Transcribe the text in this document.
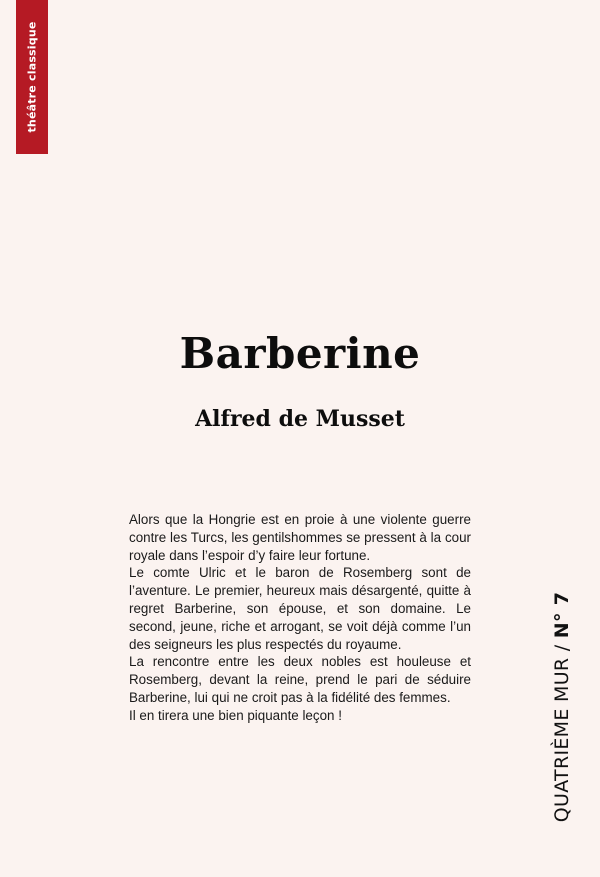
théâtre classique
Barberine
Alfred de Musset

Alors que la Hongrie est en proie à une violente guerre contre les Turcs, les gentilshommes se pressent à la cour royale dans l’espoir d’y faire leur fortune.

Le comte Ulric et le baron de Rosemberg sont de l’aventure. Le premier, heureux mais désargenté, quitte à regret Barberine, son épouse, et son domaine. Le second, jeune, riche et arrogant, se voit déjà comme l’un des seigneurs les plus respectés du royaume.

La rencontre entre les deux nobles est houleuse et Rosemberg, devant la reine, prend le pari de séduire Barberine, lui qui ne croit pas à la fidélité des femmes.

Il en tirera une bien piquante leçon !	QUATRIÈME MUR / N° 7
